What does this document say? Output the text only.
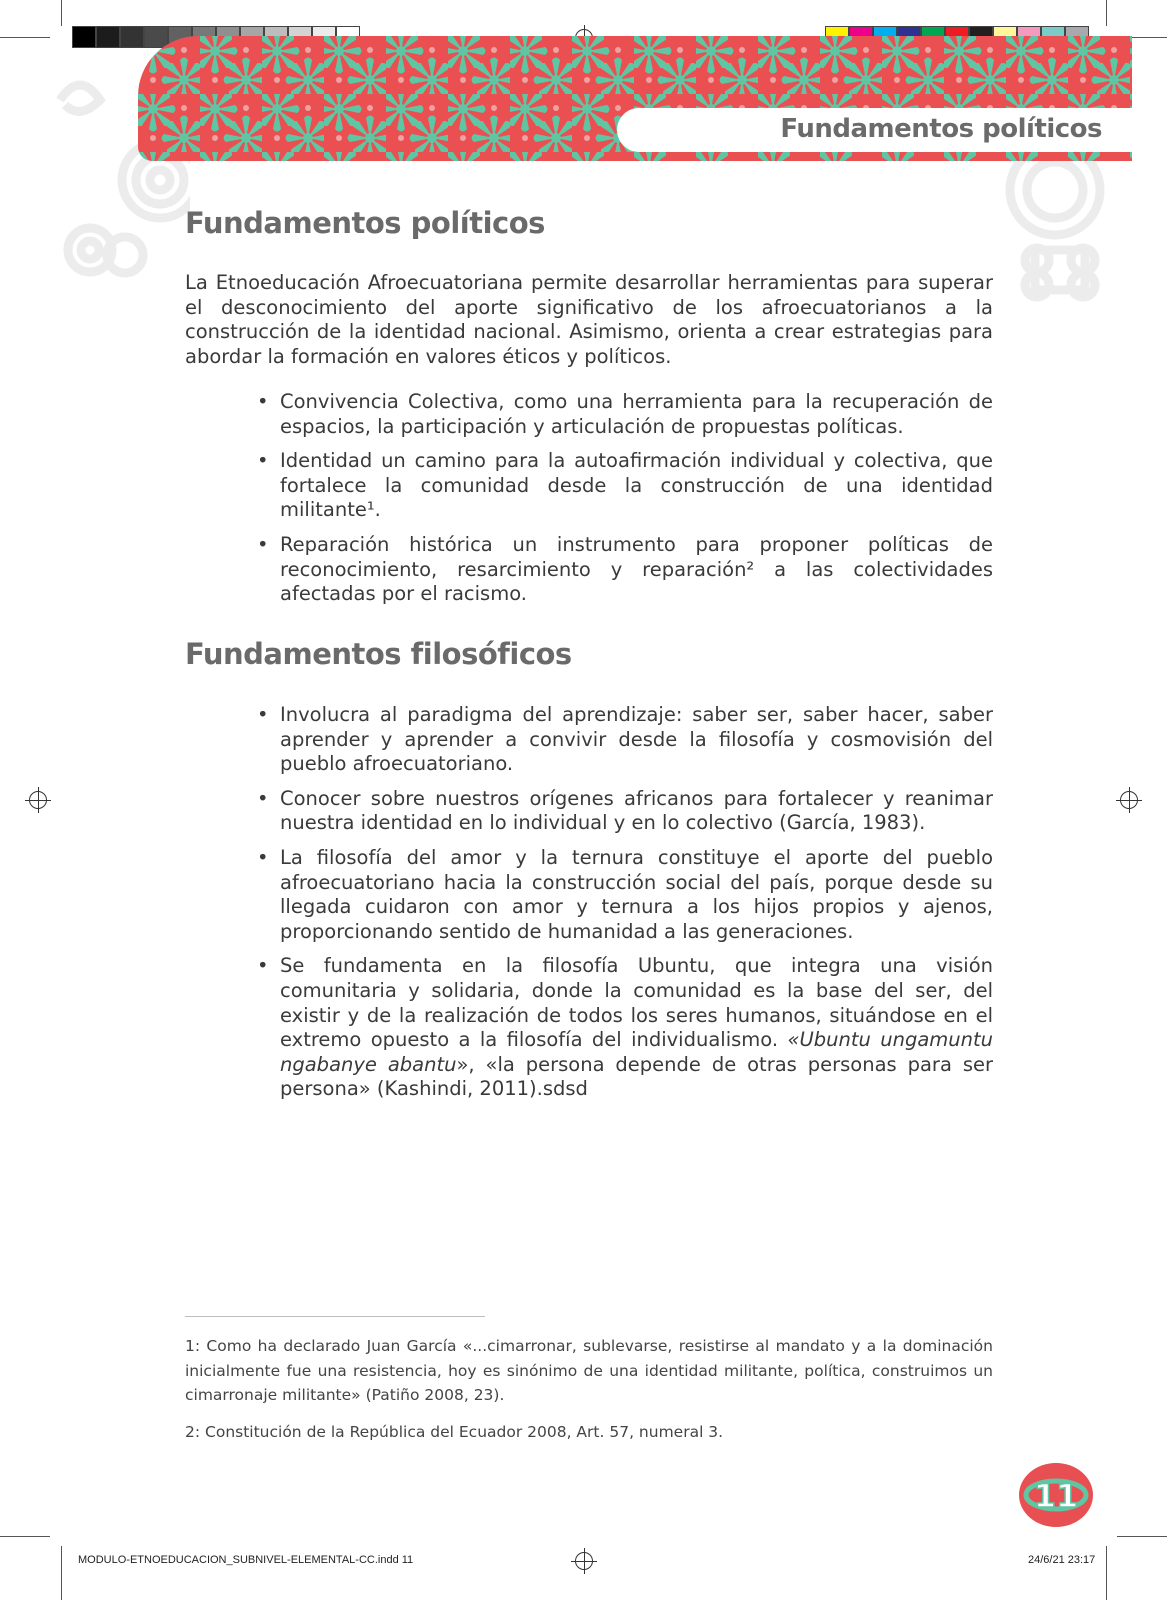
Fundamentos políticos
Fundamentos políticos

La Etnoeducación Afroecuatoriana permite desarrollar herramientas para superar el desconocimiento del aporte significativo de los afroecuatorianos a la construcción de la identidad nacional. Asimismo, orienta a crear estrategias para abordar la formación en valores éticos y políticos.

• Convivencia Colectiva, como una herramienta para la recuperación de espacios, la participación y articulación de propuestas políticas.
• Identidad un camino para la autoafirmación individual y colectiva, que fortalece la comunidad desde la construcción de una identidad militante¹.
• Reparación histórica un instrumento para proponer políticas de reconocimiento, resarcimiento y reparación² a las colectividades afectadas por el racismo.
Fundamentos filosóficos
• Involucra al paradigma del aprendizaje: saber ser, saber hacer, saber aprender y aprender a convivir desde la filosofía y cosmovisión del pueblo afroecuatoriano.
• Conocer sobre nuestros orígenes africanos para fortalecer y reanimar nuestra identidad en lo individual y en lo colectivo (García, 1983).
• La filosofía del amor y la ternura constituye el aporte del pueblo afroecuatoriano hacia la construcción social del país, porque desde su llegada cuidaron con amor y ternura a los hijos propios y ajenos, proporcionando sentido de humanidad a las generaciones.
• Se fundamenta en la filosofía Ubuntu, que integra una visión comunitaria y solidaria, donde la comunidad es la base del ser, del existir y de la realización de todos los seres humanos, situándose en el extremo opuesto a la filosofía del individualismo. «Ubuntu ungamuntu ngabanye abantu», «la persona depende de otras personas para ser persona» (Kashindi, 2011).sdsd

1: Como ha declarado Juan García «...cimarronar, sublevarse, resistirse al mandato y a la dominación inicialmente fue una resistencia, hoy es sinónimo de una identidad militante, política, construimos un cimarronaje militante» (Patiño 2008, 23).

2: Constitución de la República del Ecuador 2008, Art. 57, numeral 3.

11
MODULO-ETNOEDUCACION_SUBNIVEL-ELEMENTAL-CC.indd 11	24/6/21 23:17
